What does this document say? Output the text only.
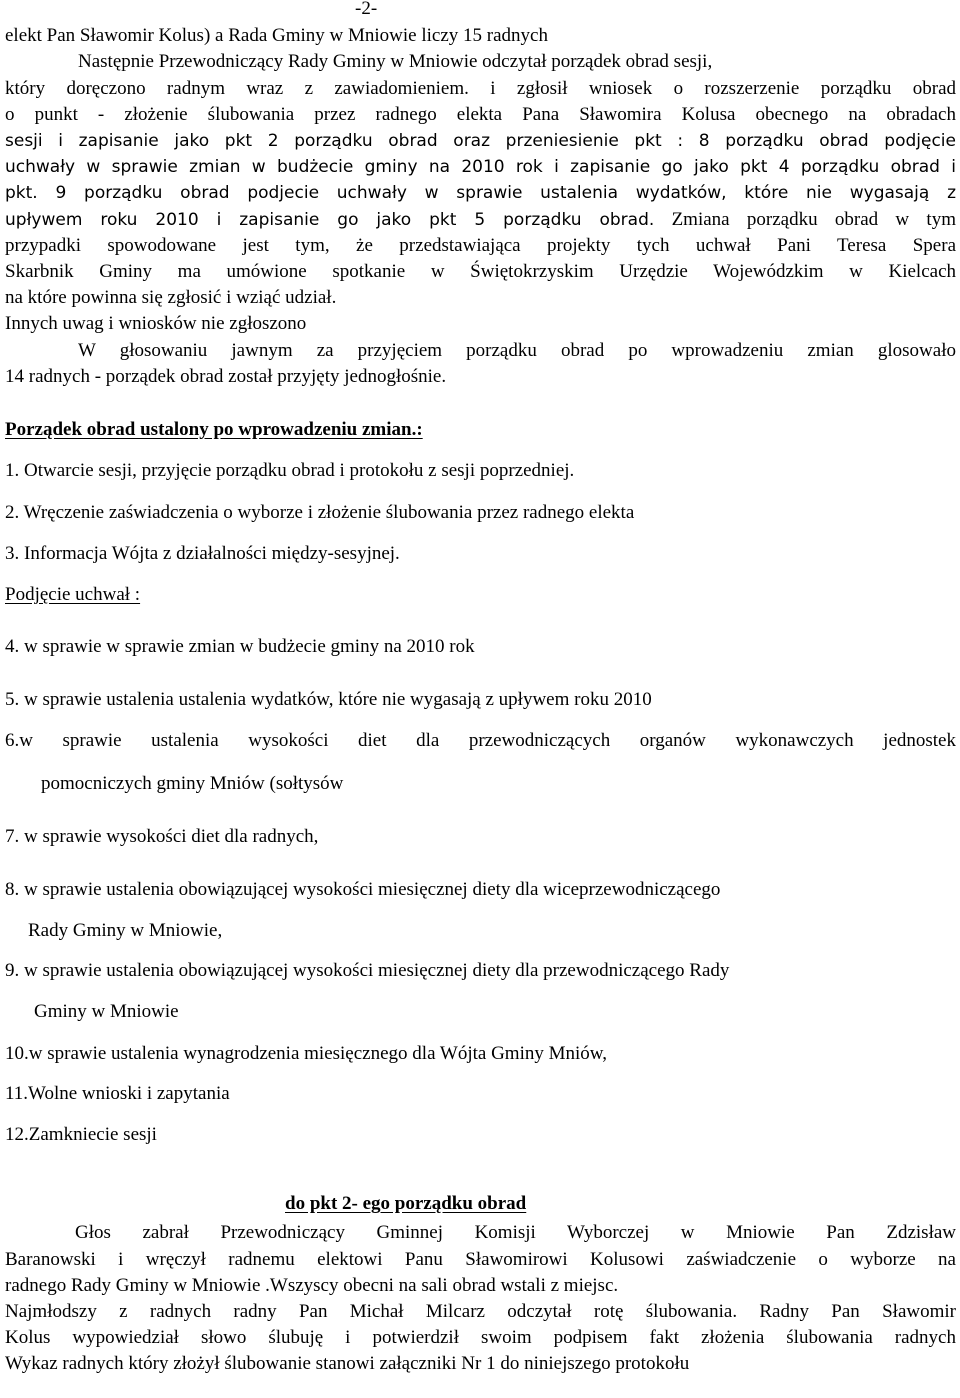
-2-
elekt Pan Sławomir Kolus) a Rada Gminy w Mniowie liczy 15 radnych
Następnie Przewodniczący Rady Gminy w Mniowie odczytał porządek obrad sesji,
który doręczono radnym wraz z zawiadomieniem. i zgłosił wniosek o rozszerzenie porządku obrad
o punkt - złożenie ślubowania przez radnego elekta Pana Sławomira Kolusa obecnego na obradach
sesji i zapisanie jako pkt 2 porządku obrad oraz przeniesienie pkt : 8 porządku obrad podjęcie
uchwały w sprawie zmian w budżecie gminy na 2010 rok i zapisanie go jako pkt 4 porządku obrad i
pkt. 9 porządku obrad podjecie uchwały w sprawie ustalenia wydatków, które nie wygasają z
upływem roku 2010 i zapisanie go jako pkt 5 porządku obrad. Zmiana porządku obrad w tym
przypadki spowodowane jest tym, że przedstawiająca projekty tych uchwał Pani Teresa Spera
Skarbnik Gminy ma umówione spotkanie w Świętokrzyskim Urzędzie Wojewódzkim w Kielcach
na które powinna się zgłosić i wziąć udział.
Innych uwag i wniosków nie zgłoszono
W głosowaniu jawnym za przyjęciem porządku obrad po wprowadzeniu zmian glosowało
14 radnych - porządek obrad został przyjęty jednogłośnie.
Porządek obrad ustalony po wprowadzeniu zmian.:
1. Otwarcie sesji, przyjęcie porządku obrad i protokołu z sesji poprzedniej.
2. Wręczenie zaświadczenia o wyborze i złożenie ślubowania przez radnego elekta
3. Informacja Wójta z działalności między-sesyjnej.
Podjęcie uchwał :
4. w sprawie w sprawie zmian w budżecie gminy na 2010 rok
5. w sprawie ustalenia ustalenia wydatków, które nie wygasają z upływem roku 2010
6.w sprawie ustalenia wysokości diet dla przewodniczących organów wykonawczych jednostek
pomocniczych gminy Mniów (sołtysów
7. w sprawie wysokości diet dla radnych,
8. w sprawie ustalenia obowiązującej wysokości miesięcznej diety dla wiceprzewodniczącego
Rady Gminy w Mniowie,
9. w sprawie ustalenia obowiązującej wysokości miesięcznej diety dla przewodniczącego Rady
Gminy w Mniowie
10.w sprawie ustalenia wynagrodzenia miesięcznego dla Wójta Gminy Mniów,
11.Wolne wnioski i zapytania
12.Zamkniecie sesji
do pkt 2- ego porządku obrad
Głos zabrał Przewodniczący Gminnej Komisji Wyborczej w Mniowie Pan Zdzisław
Baranowski i wręczył radnemu elektowi Panu Sławomirowi Kolusowi zaświadczenie o wyborze na
radnego Rady Gminy w Mniowie .Wszyscy obecni na sali obrad wstali z miejsc.
Najmłodszy z radnych radny Pan Michał Milcarz odczytał rotę ślubowania. Radny Pan Sławomir
Kolus wypowiedział słowo ślubuję i potwierdził swoim podpisem fakt złożenia ślubowania radnych
Wykaz radnych który złożył ślubowanie stanowi załączniki Nr 1 do niniejszego protokołu
